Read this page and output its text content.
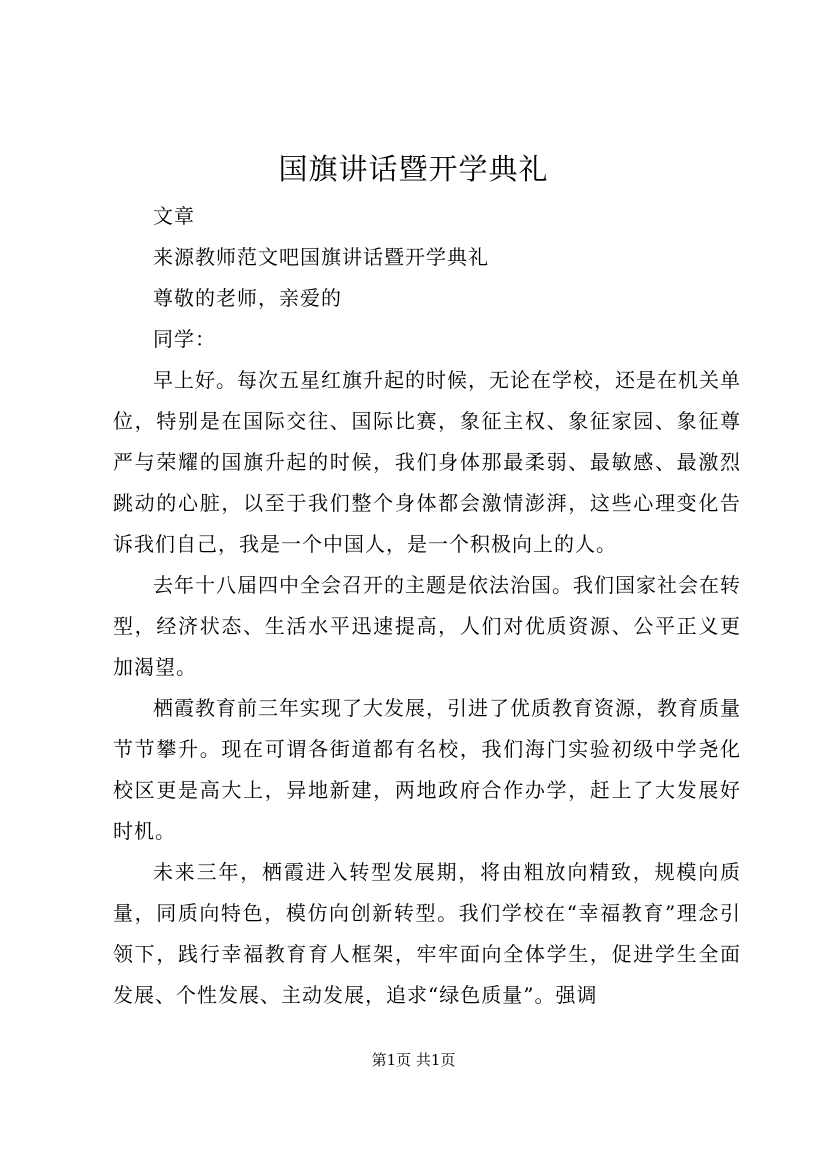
国旗讲话暨开学典礼

文章

来源教师范文吧国旗讲话暨开学典礼

尊敬的老师，亲爱的

同学：

早上好。每次五星红旗升起的时候，无论在学校，还是在机关单位，特别是在国际交往、国际比赛，象征主权、象征家园、象征尊严与荣耀的国旗升起的时候，我们身体那最柔弱、最敏感、最激烈跳动的心脏，以至于我们整个身体都会激情澎湃，这些心理变化告诉我们自己，我是一个中国人，是一个积极向上的人。

去年十八届四中全会召开的主题是依法治国。我们国家社会在转型，经济状态、生活水平迅速提高，人们对优质资源、公平正义更加渴望。

栖霞教育前三年实现了大发展，引进了优质教育资源，教育质量节节攀升。现在可谓各街道都有名校，我们海门实验初级中学尧化校区更是高大上，异地新建，两地政府合作办学，赶上了大发展好时机。

未来三年，栖霞进入转型发展期，将由粗放向精致，规模向质量，同质向特色，模仿向创新转型。我们学校在“幸福教育”理念引领下，践行幸福教育育人框架，牢牢面向全体学生，促进学生全面发展、个性发展、主动发展，追求“绿色质量”。强调

第1页 共1页
